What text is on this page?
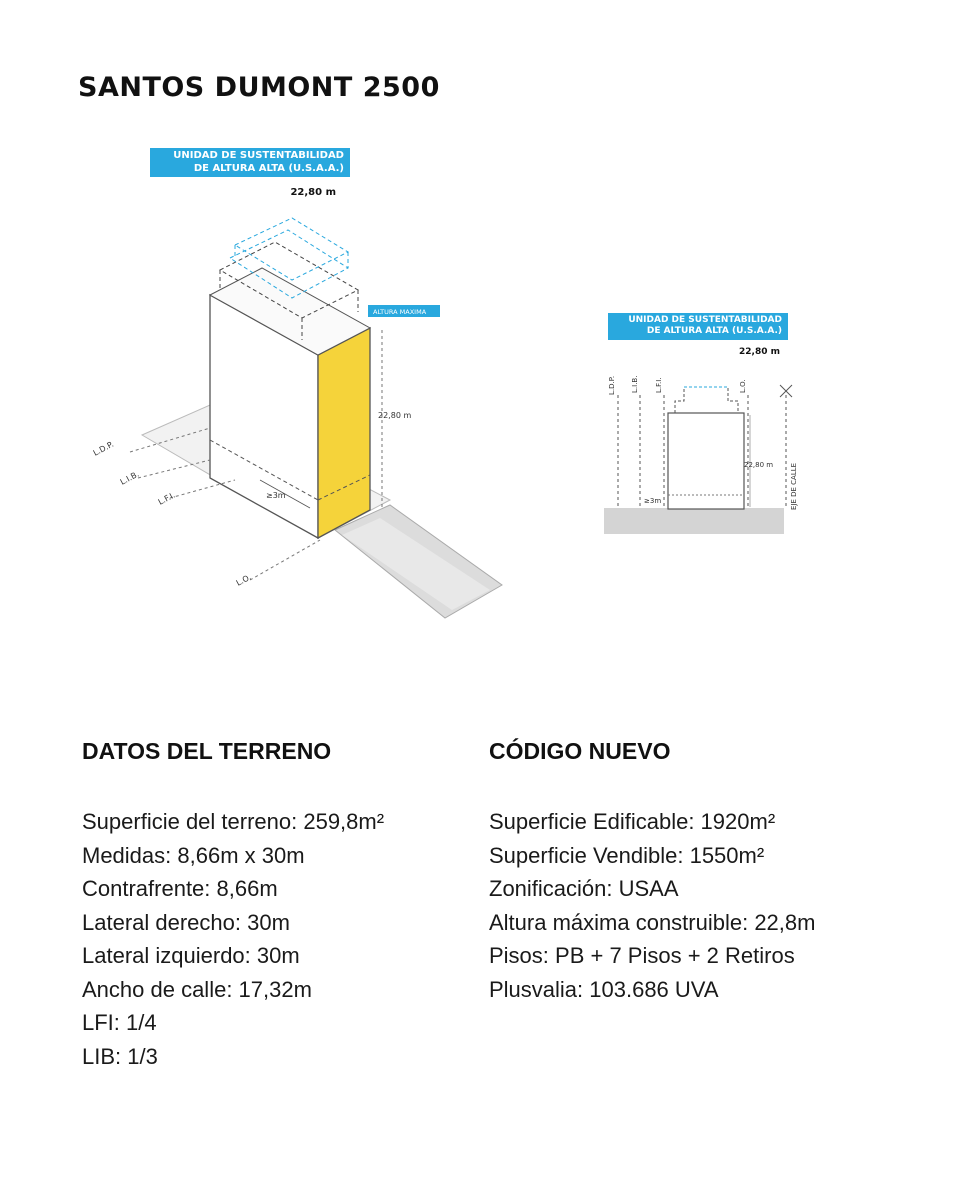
SANTOS DUMONT 2500
UNIDAD DE SUSTENTABILIDAD
DE ALTURA ALTA (U.S.A.A.)
22,80 m
≥3m
22,80 m
ALTURA MAXIMA
L.D.P.
L.I.B.
L.F.I.
L.O.
UNIDAD DE SUSTENTABILIDAD
DE ALTURA ALTA (U.S.A.A.)
22,80 m
L.D.P. L.I.B. L.F.I.	L.O.
EJE DE CALLE
≥3m
22,80 m
DATOS DEL TERRENO
Superficie del terreno: 259,8m²
Medidas: 8,66m x 30m
Contrafrente: 8,66m
Lateral derecho: 30m
Lateral izquierdo: 30m
Ancho de calle: 17,32m
LFI: 1/4
LIB: 1/3
CÓDIGO NUEVO
Superficie Edificable: 1920m²
Superficie Vendible: 1550m²
Zonificación: USAA
Altura máxima construible: 22,8m
Pisos: PB + 7 Pisos + 2 Retiros
Plusvalia: 103.686 UVA
